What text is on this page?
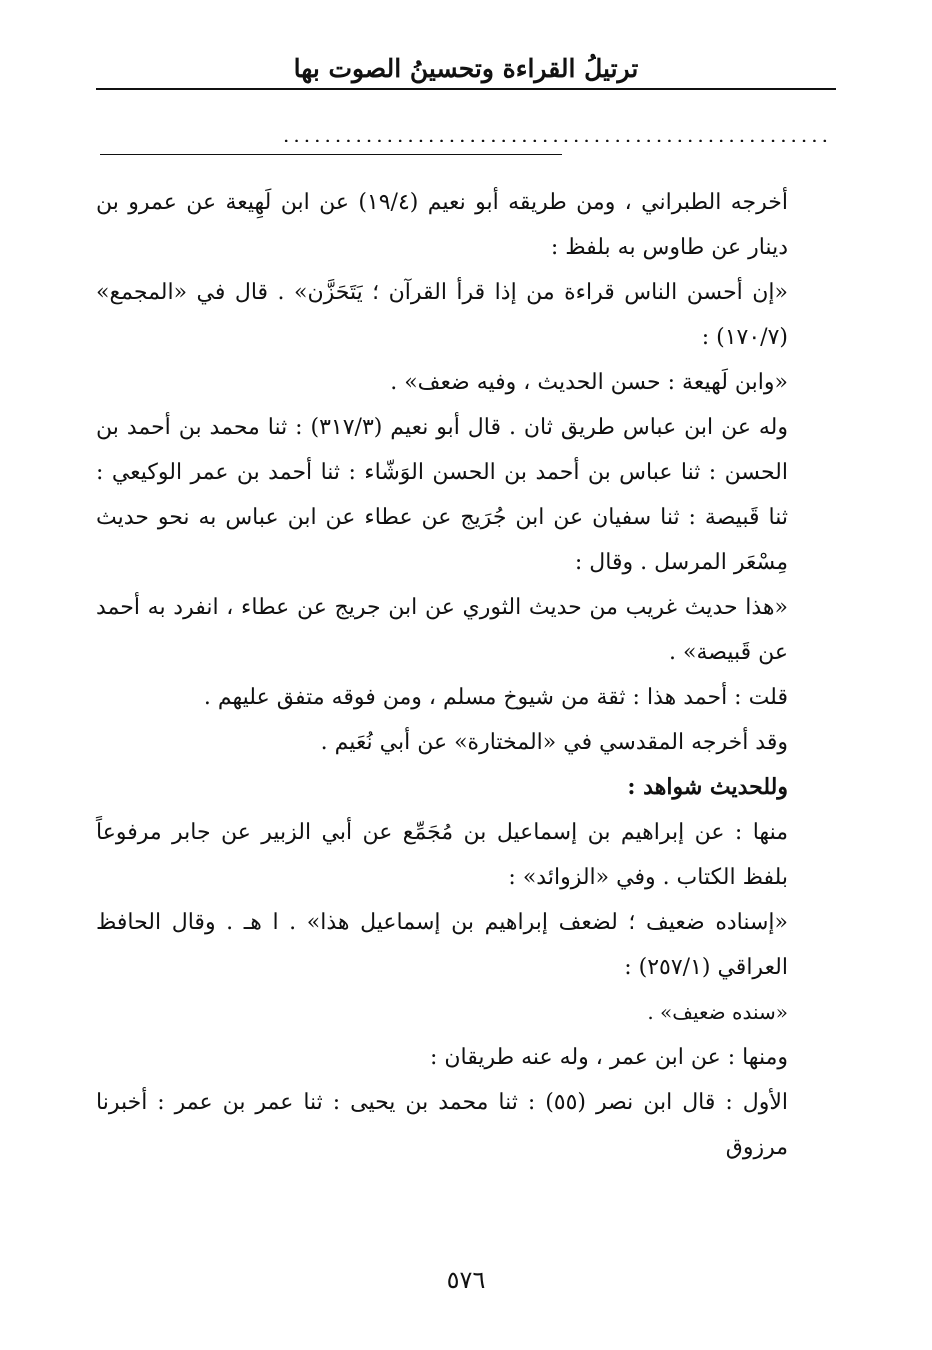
ترتيلُ القراءة وتحسينُ الصوت بها
.....................................................

أخرجه الطبراني ، ومن طريقه أبو نعيم (١٩/٤) عن ابن لَهِيعة عن عمرو بن دينار عن طاوس به بلفظ :

«إن أحسن الناس قراءة من إذا قرأ القرآن ؛ يَتَحَزَّن» . قال في «المجمع» (١٧٠/٧) :

«وابن لَهيعة : حسن الحديث ، وفيه ضعف» .

وله عن ابن عباس طريق ثان . قال أبو نعيم (٣١٧/٣) : ثنا محمد بن أحمد بن الحسن : ثنا عباس بن أحمد بن الحسن الوَشّاء : ثنا أحمد بن عمر الوكيعي : ثنا قَبيصة : ثنا سفيان عن ابن جُرَيج عن عطاء عن ابن عباس به نحو حديث مِسْعَر المرسل . وقال :

«هذا حديث غريب من حديث الثوري عن ابن جريج عن عطاء ، انفرد به أحمد عن قَبيصة» .

قلت : أحمد هذا : ثقة من شيوخ مسلم ، ومن فوقه متفق عليهم .

وقد أخرجه المقدسي في «المختارة» عن أبي نُعَيم .

وللحديث شواهد :

منها : عن إبراهيم بن إسماعيل بن مُجَمِّع عن أبي الزبير عن جابر مرفوعاً بلفظ الكتاب . وفي «الزوائد» :

«إسناده ضعيف ؛ لضعف إبراهيم بن إسماعيل هذا» . ا هـ . وقال الحافظ العراقي (٢٥٧/١) :

«سنده ضعيف» .

ومنها : عن ابن عمر ، وله عنه طريقان :

الأول : قال ابن نصر (٥٥) : ثنا محمد بن يحيى : ثنا عمر بن عمر : أخبرنا مرزوق

٥٧٦
